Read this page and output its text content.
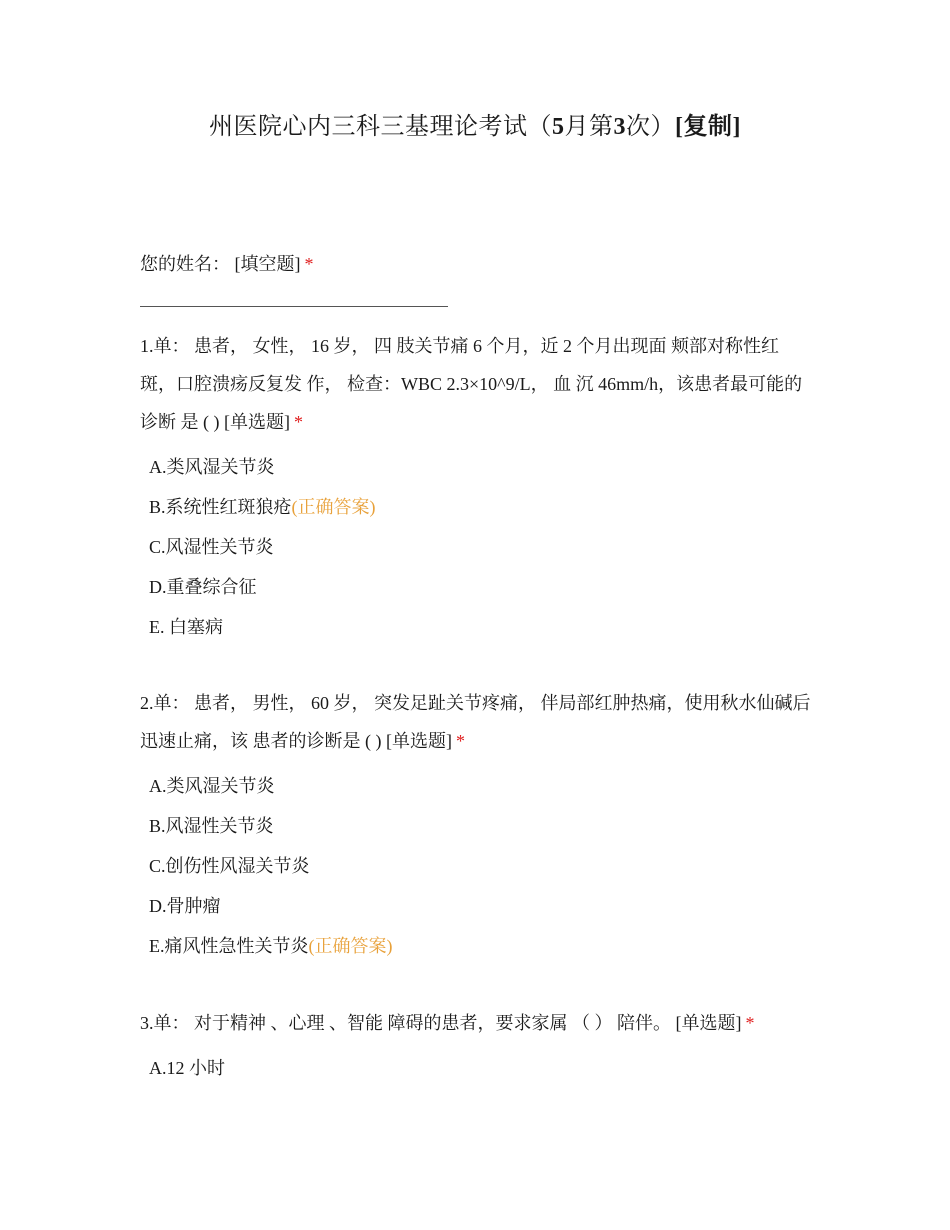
州医院心内三科三基理论考试（5月第3次）[复制]
您的姓名： [填空题] *

1.单： 患者， 女性， 16 岁， 四 肢关节痛 6 个月，近 2 个月出现面 颊部对称性红斑，口腔溃疡反复发 作， 检查：WBC 2.3×10^9/L， 血 沉 46mm/h，该患者最可能的诊断 是 ( ) [单选题] *

A.类风湿关节炎
B.系统性红斑狼疮(正确答案)
C.风湿性关节炎
D.重叠综合征
E. 白塞病

2.单： 患者， 男性， 60 岁， 突发足趾关节疼痛， 伴局部红肿热痛，使用秋水仙碱后迅速止痛，该 患者的诊断是 ( ) [单选题] *

A.类风湿关节炎
B.风湿性关节炎
C.创伤性风湿关节炎
D.骨肿瘤
E.痛风性急性关节炎(正确答案)

3.单： 对于精神 、心理 、智能 障碍的患者，要求家属 （ ） 陪伴。 [单选题] *

A.12 小时
